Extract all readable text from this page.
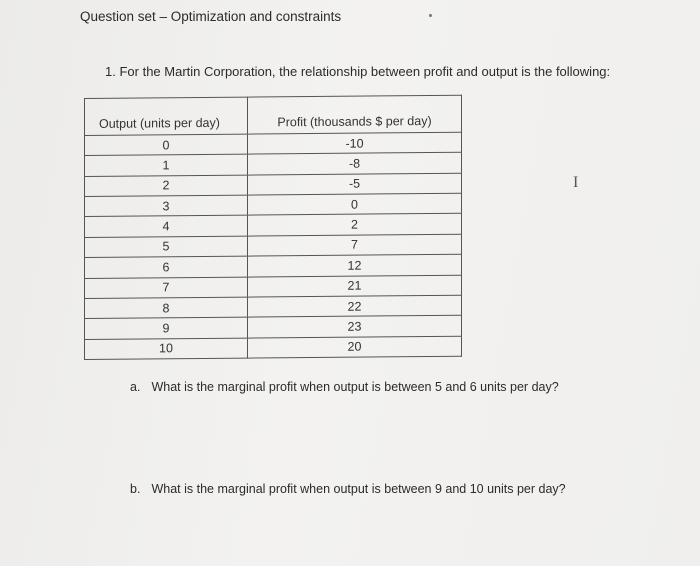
Question set – Optimization and constraints
1. For the Martin Corporation, the relationship between profit and output is the following:
Output (units per day)	Profit (thousands $ per day)
0	-10
1	-8
2	-5
3	0
4	2
5	7
6	12
7	21
8	22
9	23
10	20
I
a. What is the marginal profit when output is between 5 and 6 units per day?
b. What is the marginal profit when output is between 9 and 10 units per day?
